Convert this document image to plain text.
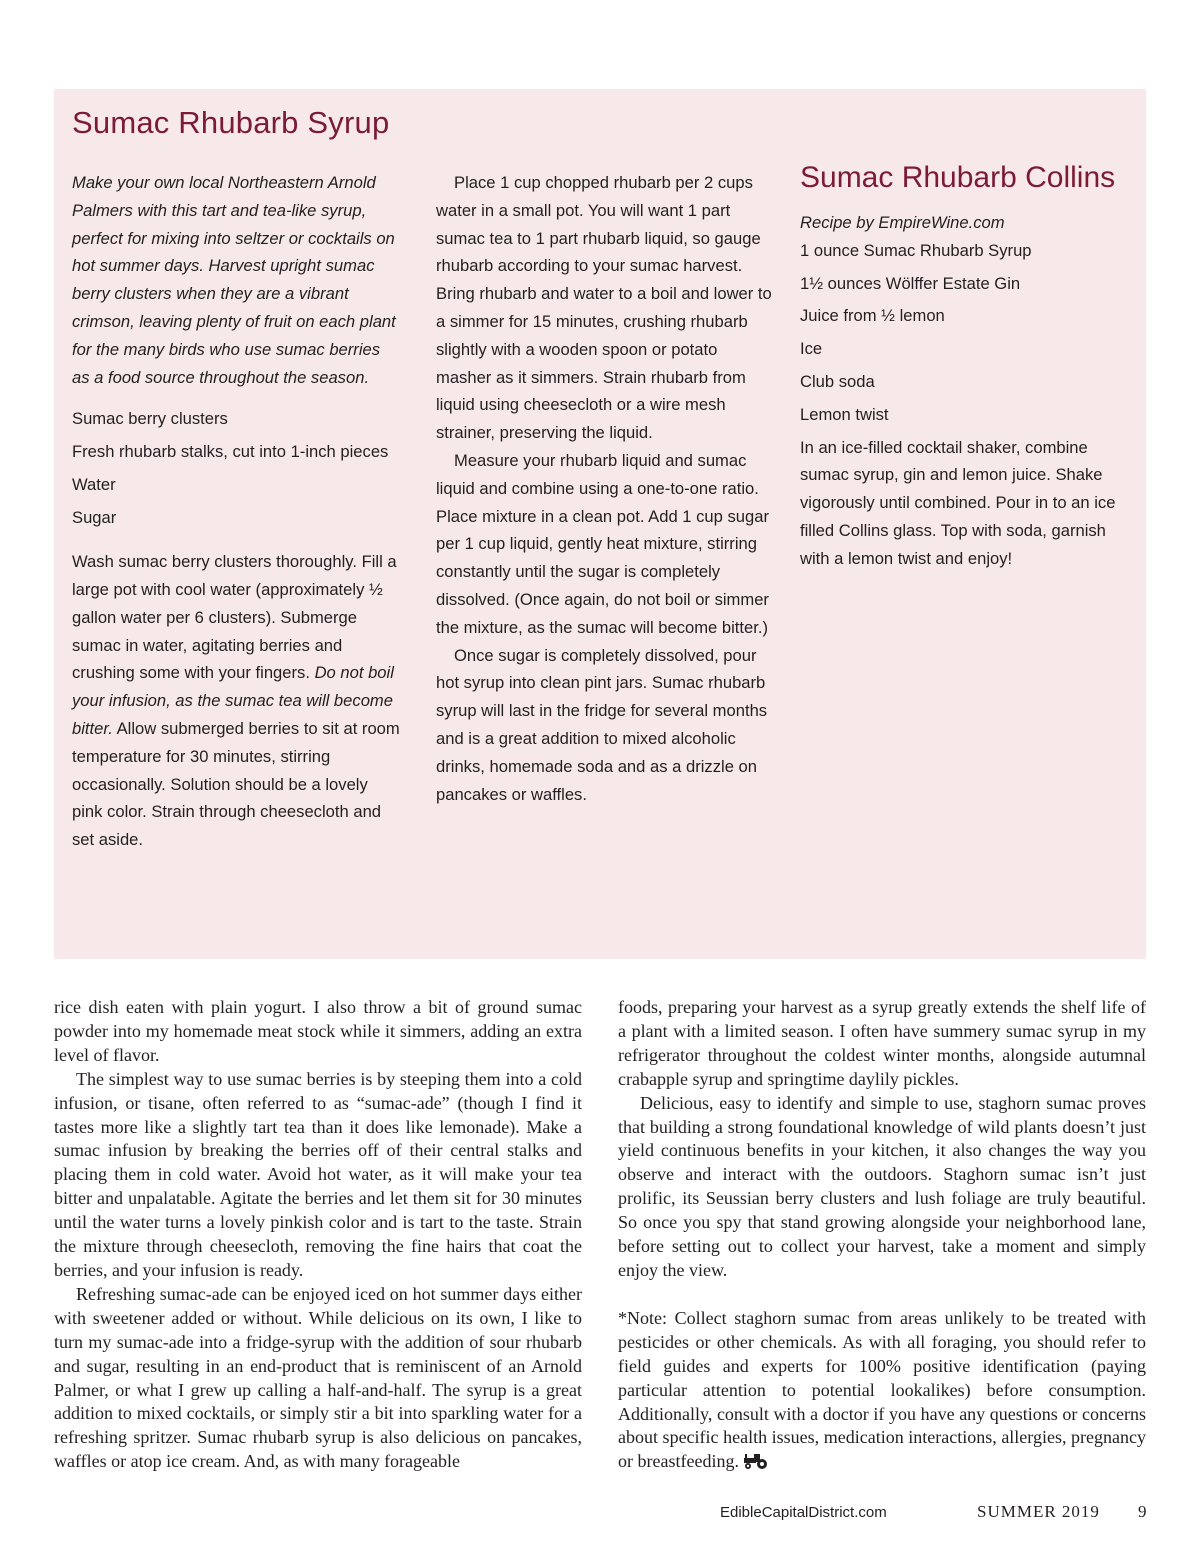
Sumac Rhubarb Syrup

Make your own local Northeastern Arnold Palmers with this tart and tea-like syrup, perfect for mixing into seltzer or cocktails on hot summer days. Harvest upright sumac berry clusters when they are a vibrant crimson, leaving plenty of fruit on each plant for the many birds who use sumac berries as a food source throughout the season.

Sumac berry clusters
Fresh rhubarb stalks, cut into 1-inch pieces
Water
Sugar

Wash sumac berry clusters thoroughly. Fill a large pot with cool water (approximately ½ gallon water per 6 clusters). Submerge sumac in water, agitating berries and crushing some with your fingers. Do not boil your infusion, as the sumac tea will become bitter. Allow submerged berries to sit at room temperature for 30 minutes, stirring occasionally. Solution should be a lovely pink color. Strain through cheesecloth and set aside.

Place 1 cup chopped rhubarb per 2 cups water in a small pot. You will want 1 part sumac tea to 1 part rhubarb liquid, so gauge rhubarb according to your sumac harvest. Bring rhubarb and water to a boil and lower to a simmer for 15 minutes, crushing rhubarb slightly with a wooden spoon or potato masher as it simmers. Strain rhubarb from liquid using cheesecloth or a wire mesh strainer, preserving the liquid.

Measure your rhubarb liquid and sumac liquid and combine using a one-to-one ratio. Place mixture in a clean pot. Add 1 cup sugar per 1 cup liquid, gently heat mixture, stirring constantly until the sugar is completely dissolved. (Once again, do not boil or simmer the mixture, as the sumac will become bitter.)

Once sugar is completely dissolved, pour hot syrup into clean pint jars. Sumac rhubarb syrup will last in the fridge for several months and is a great addition to mixed alcoholic drinks, homemade soda and as a drizzle on pancakes or waffles.

Sumac Rhubarb Collins

Recipe by EmpireWine.com

1 ounce Sumac Rhubarb Syrup
1½ ounces Wölffer Estate Gin
Juice from ½ lemon
Ice
Club soda
Lemon twist

In an ice-filled cocktail shaker, combine sumac syrup, gin and lemon juice. Shake vigorously until combined. Pour in to an ice filled Collins glass. Top with soda, garnish with a lemon twist and enjoy!

rice dish eaten with plain yogurt. I also throw a bit of ground sumac powder into my homemade meat stock while it simmers, adding an extra level of flavor.

The simplest way to use sumac berries is by steeping them into a cold infusion, or tisane, often referred to as “sumac-ade” (though I find it tastes more like a slightly tart tea than it does like lemonade). Make a sumac infusion by breaking the berries off of their central stalks and placing them in cold water. Avoid hot water, as it will make your tea bitter and unpalatable. Agitate the berries and let them sit for 30 minutes until the water turns a lovely pinkish color and is tart to the taste. Strain the mixture through cheesecloth, removing the fine hairs that coat the berries, and your infusion is ready.

Refreshing sumac-ade can be enjoyed iced on hot summer days either with sweetener added or without. While delicious on its own, I like to turn my sumac-ade into a fridge-syrup with the addition of sour rhubarb and sugar, resulting in an end-product that is reminiscent of an Arnold Palmer, or what I grew up calling a half-and-half. The syrup is a great addition to mixed cocktails, or simply stir a bit into sparkling water for a refreshing spritzer. Sumac rhubarb syrup is also delicious on pancakes, waffles or atop ice cream. And, as with many forageable

foods, preparing your harvest as a syrup greatly extends the shelf life of a plant with a limited season. I often have summery sumac syrup in my refrigerator throughout the coldest winter months, alongside autumnal crabapple syrup and springtime daylily pickles.

Delicious, easy to identify and simple to use, staghorn sumac proves that building a strong foundational knowledge of wild plants doesn’t just yield continuous benefits in your kitchen, it also changes the way you observe and interact with the outdoors. Staghorn sumac isn’t just prolific, its Seussian berry clusters and lush foliage are truly beautiful. So once you spy that stand growing alongside your neighborhood lane, before setting out to collect your harvest, take a moment and simply enjoy the view.

*Note: Collect staghorn sumac from areas unlikely to be treated with pesticides or other chemicals. As with all foraging, you should refer to field guides and experts for 100% positive identification (paying particular attention to potential lookalikes) before consumption. Additionally, consult with a doctor if you have any questions or concerns about specific health issues, medication interactions, allergies, pregnancy or breastfeeding.

EdibleCapitalDistrict.com	SUMMER 2019 9
